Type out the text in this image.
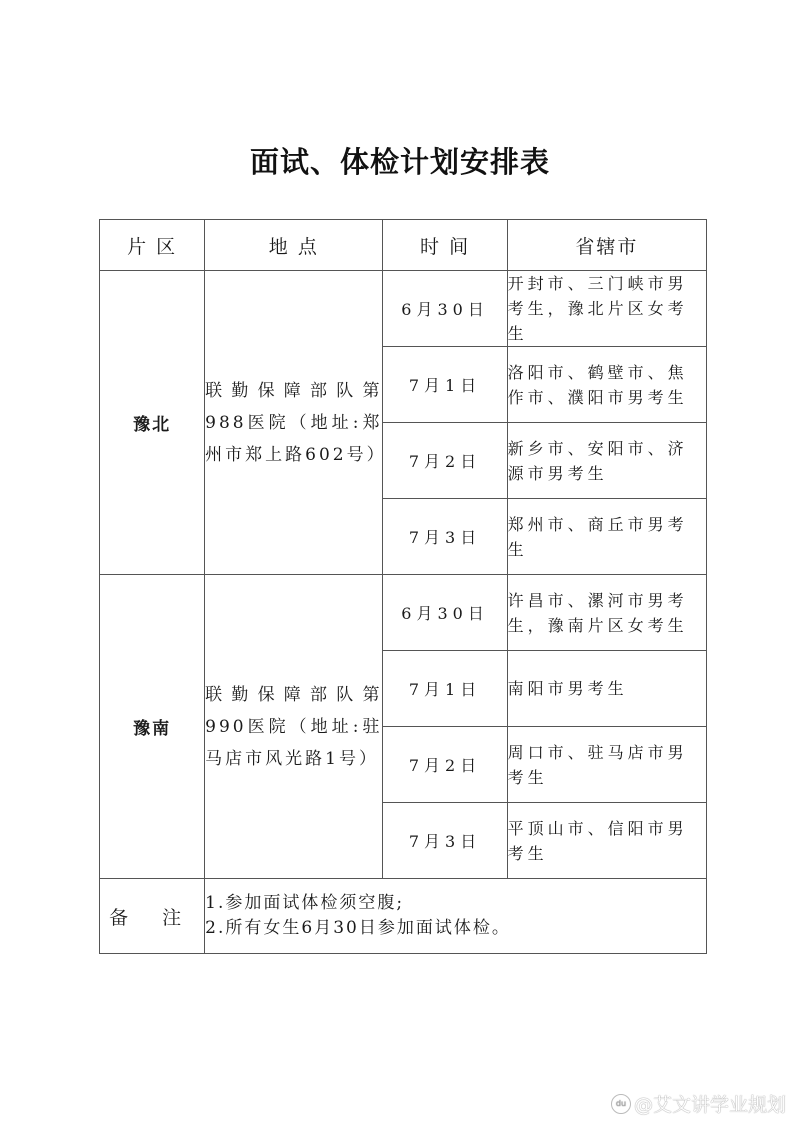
面试、体检计划安排表
片 区	地 点	时 间	省辖市
豫北	联勤保障部队第988医院（地址:郑州市郑上路602号）	6月30日	开封市、三门峡市男考生，豫北片区女考生
		7月1日	洛阳市、鹤壁市、焦作市、濮阳市男考生
		7月2日	新乡市、安阳市、济源市男考生
		7月3日	郑州市、商丘市男考生
豫南	联勤保障部队第990医院（地址:驻马店市风光路1号）	6月30日	许昌市、漯河市男考生，豫南片区女考生
		7月1日	南阳市男考生
		7月2日	周口市、驻马店市男考生
		7月3日	平顶山市、信阳市男考生
备 注	1.参加面试体检须空腹;
2.所有女生6月30日参加面试体检。		
du @艾文讲学业规划
